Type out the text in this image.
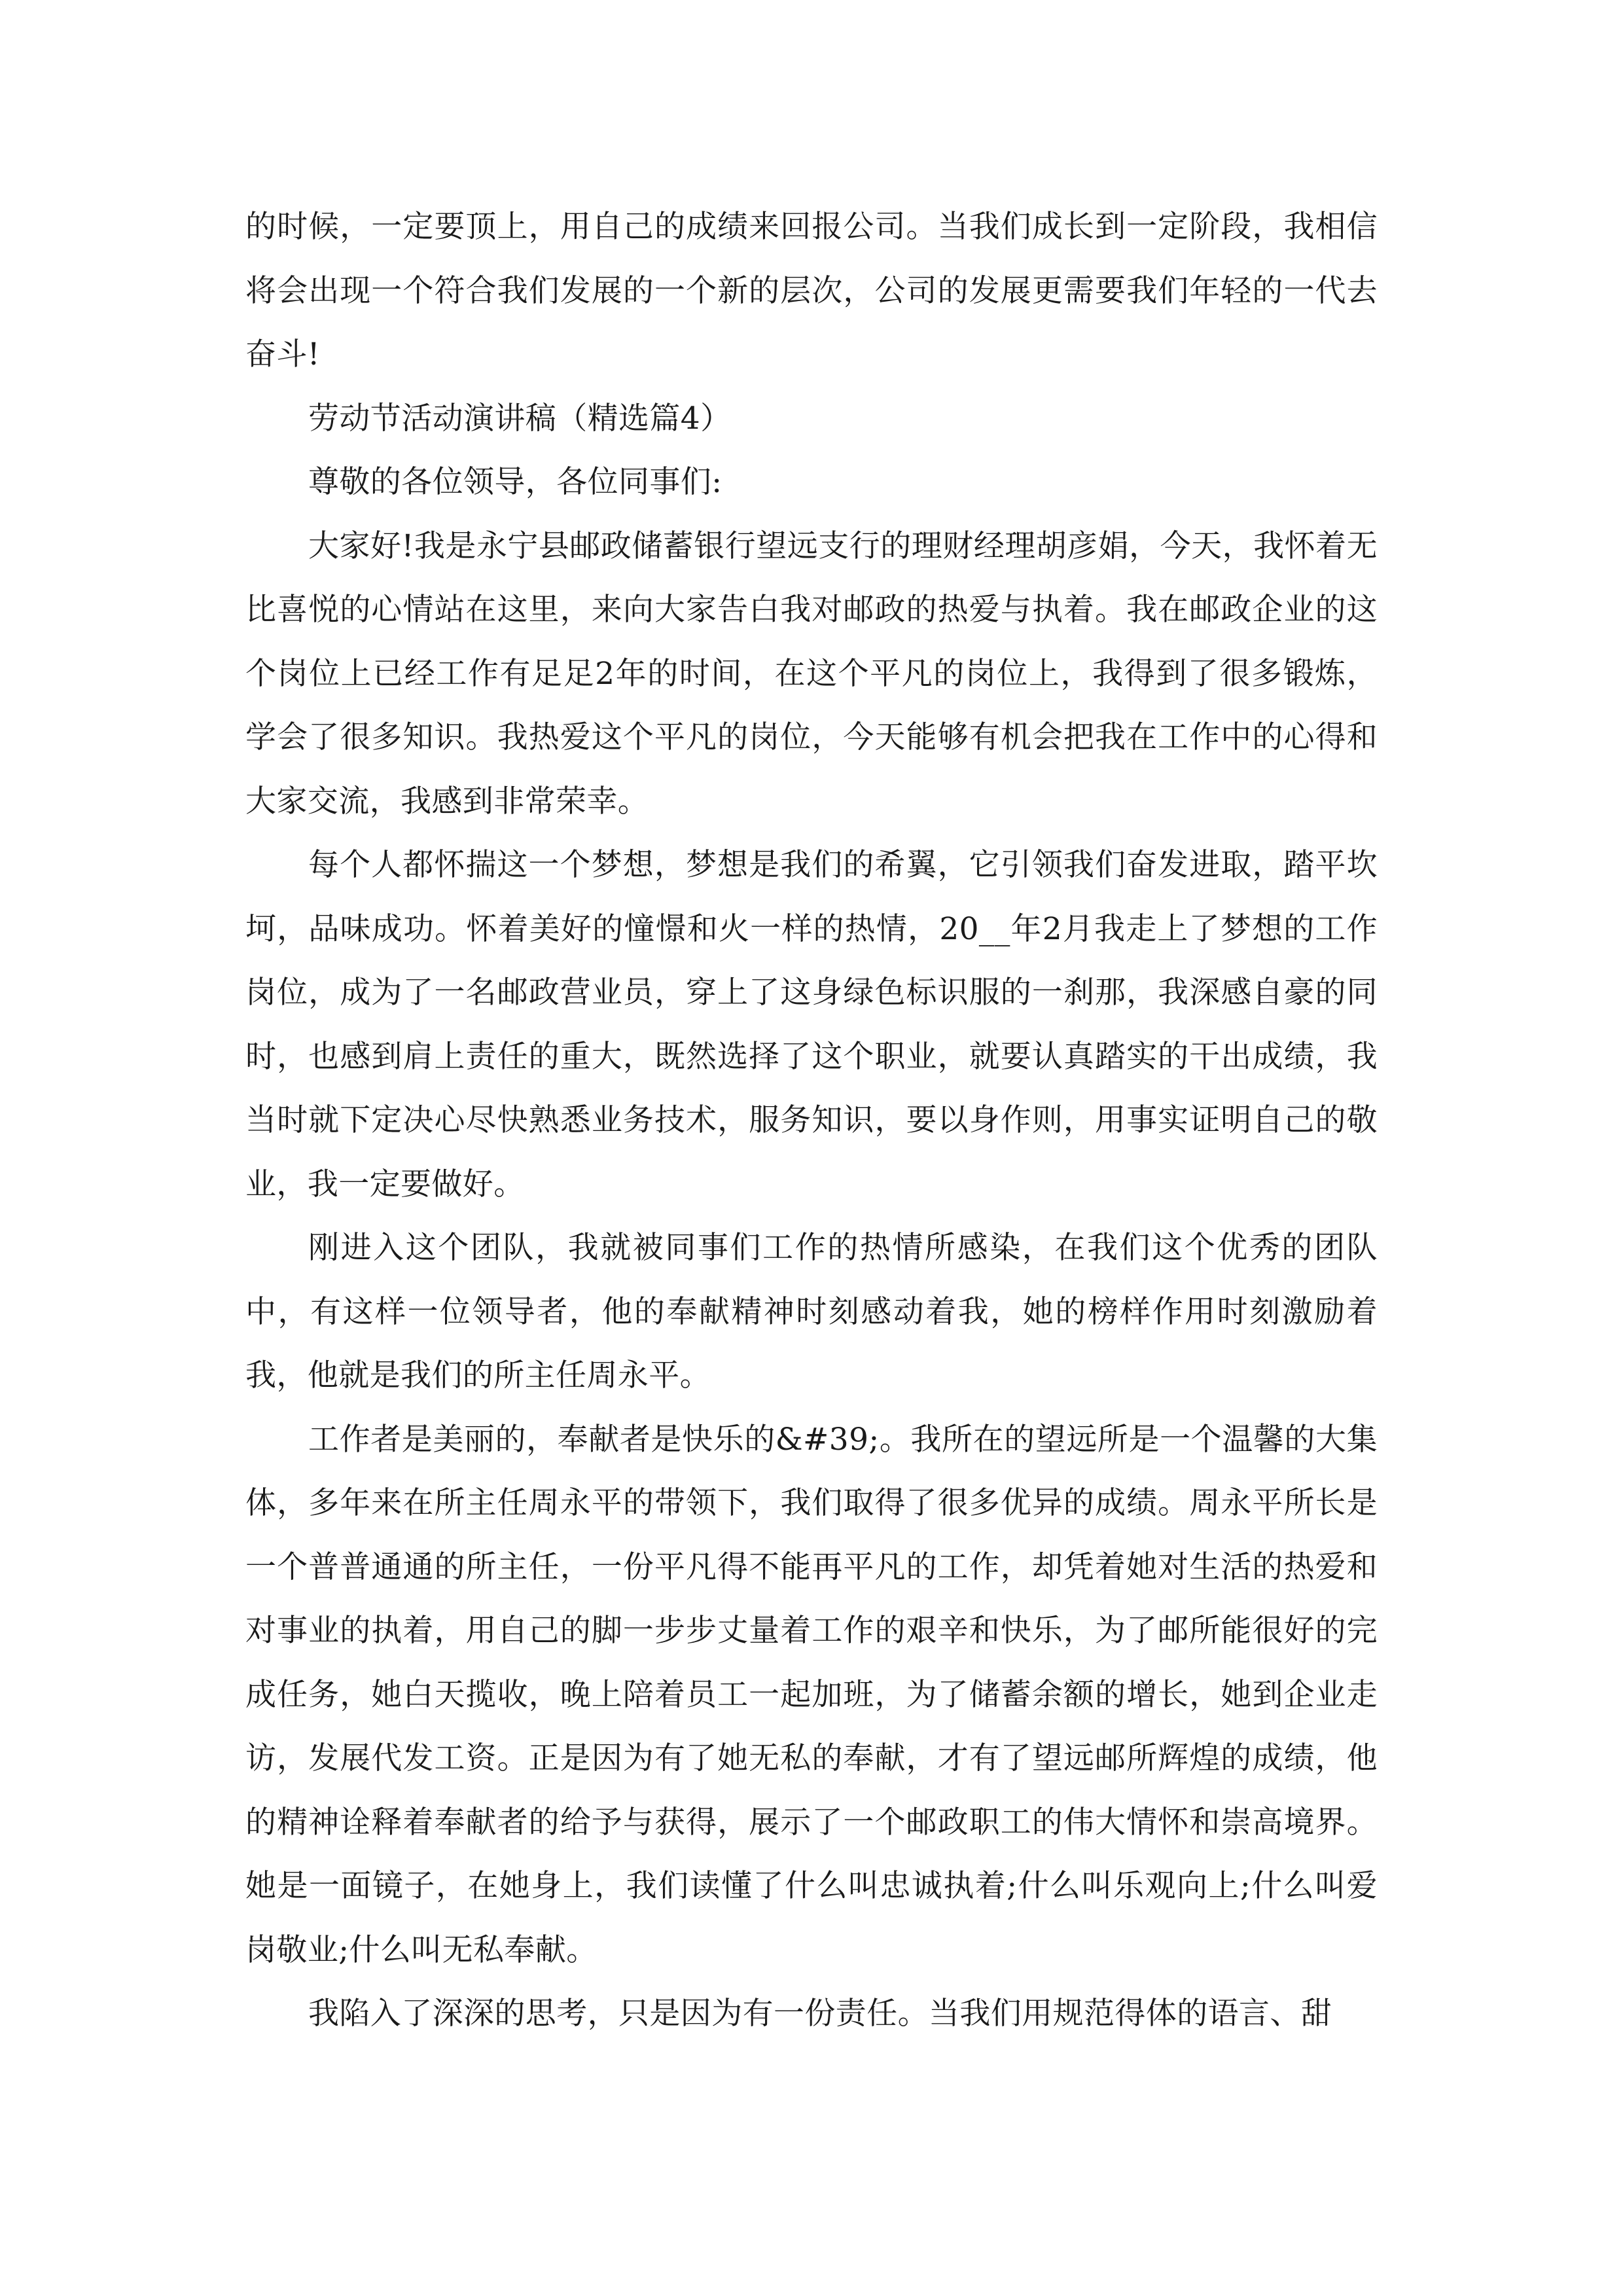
的时候，一定要顶上，用自己的成绩来回报公司。当我们成长到一定阶段，我相信将会出现一个符合我们发展的一个新的层次，公司的发展更需要我们年轻的一代去奋斗!

劳动节活动演讲稿（精选篇4）

尊敬的各位领导，各位同事们:

大家好!我是永宁县邮政储蓄银行望远支行的理财经理胡彦娟，今天，我怀着无比喜悦的心情站在这里，来向大家告白我对邮政的热爱与执着。我在邮政企业的这个岗位上已经工作有足足2年的时间，在这个平凡的岗位上，我得到了很多锻炼，学会了很多知识。我热爱这个平凡的岗位，今天能够有机会把我在工作中的心得和大家交流，我感到非常荣幸。

每个人都怀揣这一个梦想，梦想是我们的希翼，它引领我们奋发进取，踏平坎坷，品味成功。怀着美好的憧憬和火一样的热情，20__年2月我走上了梦想的工作岗位，成为了一名邮政营业员，穿上了这身绿色标识服的一刹那，我深感自豪的同时，也感到肩上责任的重大，既然选择了这个职业，就要认真踏实的干出成绩，我当时就下定决心尽快熟悉业务技术，服务知识，要以身作则，用事实证明自己的敬业，我一定要做好。

刚进入这个团队，我就被同事们工作的热情所感染，在我们这个优秀的团队中，有这样一位领导者，他的奉献精神时刻感动着我，她的榜样作用时刻激励着我，他就是我们的所主任周永平。

工作者是美丽的，奉献者是快乐的&#39;。我所在的望远所是一个温馨的大集体，多年来在所主任周永平的带领下，我们取得了很多优异的成绩。周永平所长是一个普普通通的所主任，一份平凡得不能再平凡的工作，却凭着她对生活的热爱和对事业的执着，用自己的脚一步步丈量着工作的艰辛和快乐，为了邮所能很好的完成任务，她白天揽收，晚上陪着员工一起加班，为了储蓄余额的增长，她到企业走访，发展代发工资。正是因为有了她无私的奉献，才有了望远邮所辉煌的成绩，他的精神诠释着奉献者的给予与获得，展示了一个邮政职工的伟大情怀和崇高境界。她是一面镜子，在她身上，我们读懂了什么叫忠诚执着;什么叫乐观向上;什么叫爱岗敬业;什么叫无私奉献。

我陷入了深深的思考，只是因为有一份责任。当我们用规范得体的语言、甜
